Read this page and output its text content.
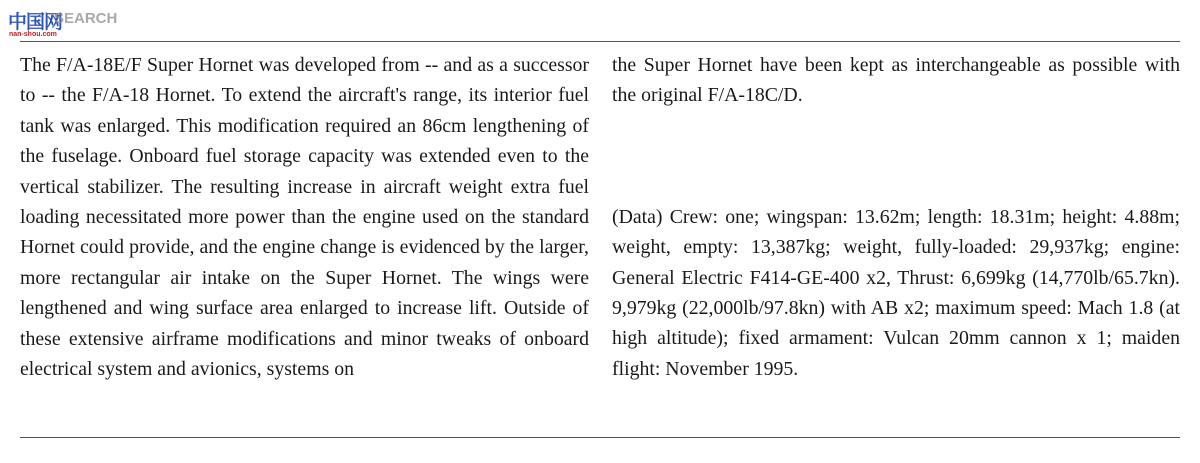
中国网
SEARCH
nan-shou.com

The F/A-18E/F Super Hornet was developed from -- and as a successor to -- the F/A-18 Hornet. To extend the aircraft's range, its interior fuel tank was enlarged. This modification required an 86cm lengthening of the fuselage. Onboard fuel storage capacity was extended even to the vertical stabilizer. The resulting increase in aircraft weight extra fuel loading necessitated more power than the engine used on the standard Hornet could provide, and the engine change is evidenced by the larger, more rectangular air intake on the Super Hornet. The wings were lengthened and wing surface area enlarged to increase lift. Outside of these extensive airframe modifications and minor tweaks of onboard electrical system and avionics, systems on

the Super Hornet have been kept as interchangeable as possible with the original F/A-18C/D.

(Data) Crew: one; wingspan: 13.62m; length: 18.31m; height: 4.88m; weight, empty: 13,387kg; weight, fully-loaded: 29,937kg; engine: General Electric F414-GE-400 x2, Thrust: 6,699kg (14,770lb/65.7kn). 9,979kg (22,000lb/97.8kn) with AB x2; maximum speed: Mach 1.8 (at high altitude); fixed armament: Vulcan 20mm cannon x 1; maiden flight: November 1995.
